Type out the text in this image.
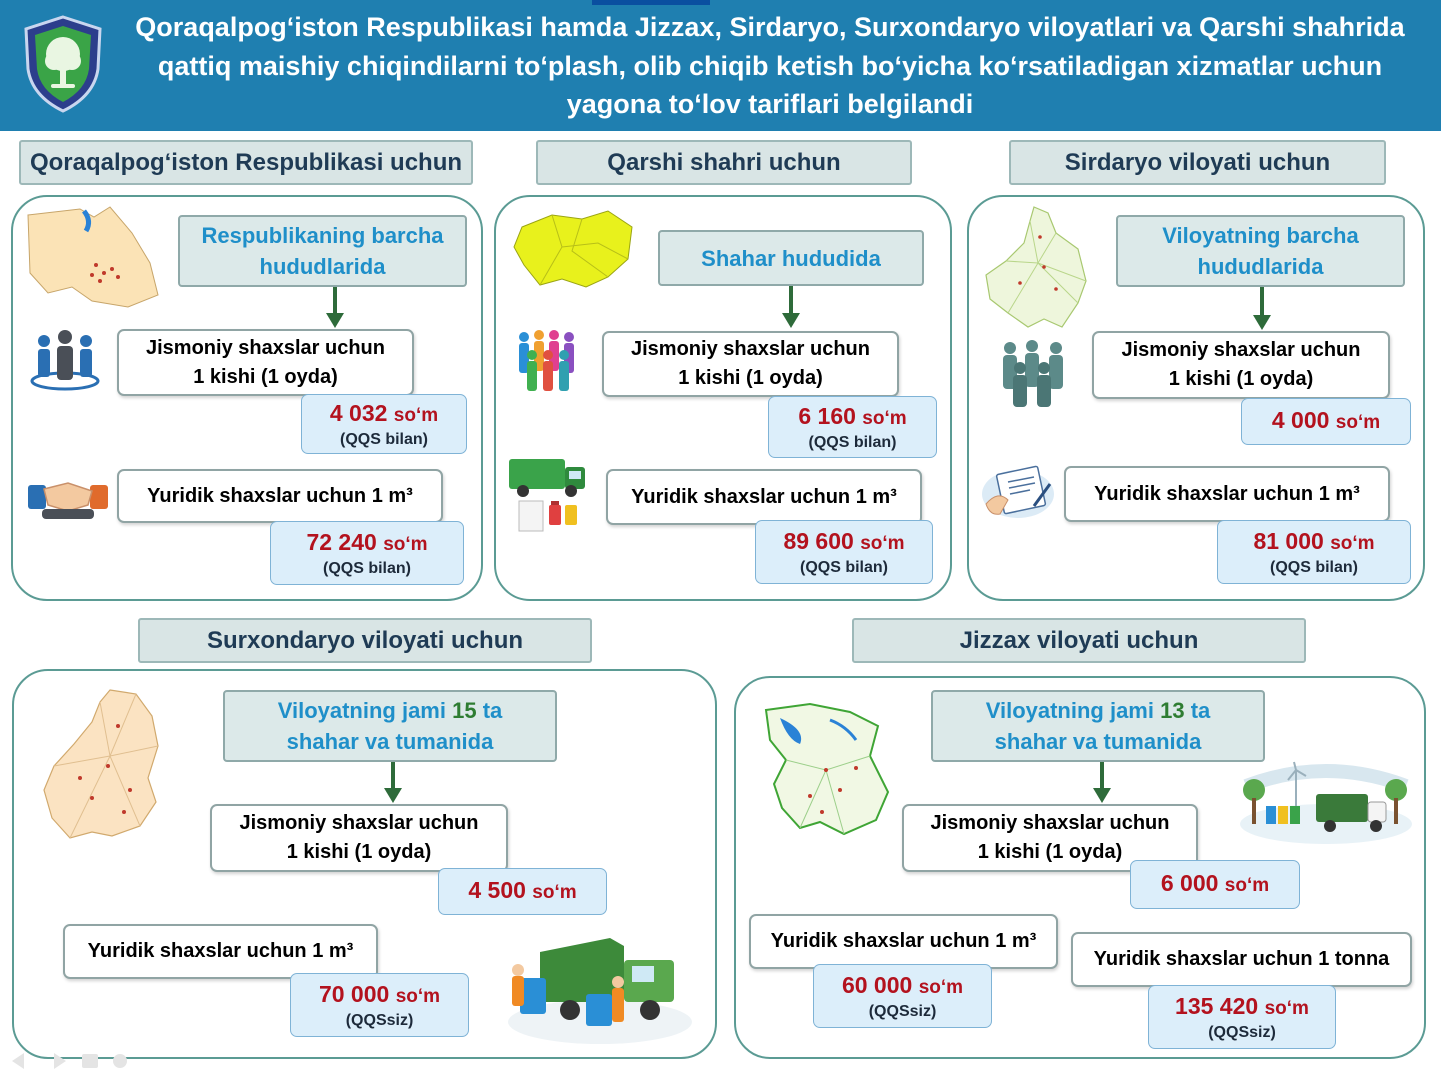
Qoraqalpog‘iston Respublikasi hamda Jizzax, Sirdaryo, Surxondaryo viloyatlari va Qarshi shahrida qattiq maishiy chiqindilarni to‘plash, olib chiqib ketish bo‘yicha ko‘rsatiladigan xizmatlar uchun yagona to‘lov tariflari belgilandi
Qoraqalpog‘iston Respublikasi uchun	Qarshi shahri uchun	Sirdaryo viloyati uchun
Surxondaryo viloyati uchun	Jizzax viloyati uchun
Respublikaning barcha hududlarida
Jismoniy shaxslar uchun
1 kishi (1 oyda)
4 032 so‘m
(QQS bilan)
Yuridik shaxslar uchun 1 m³
72 240 so‘m
(QQS bilan)
Shahar hududida
Jismoniy shaxslar uchun
1 kishi (1 oyda)
6 160 so‘m
(QQS bilan)
Yuridik shaxslar uchun 1 m³
89 600 so‘m
(QQS bilan)
Viloyatning barcha hududlarida
Jismoniy shaxslar uchun
1 kishi (1 oyda)
4 000 so‘m
Yuridik shaxslar uchun 1 m³
81 000 so‘m
(QQS bilan)
Viloyatning jami 15 ta
shahar va tumanida
Jismoniy shaxslar uchun
1 kishi (1 oyda)
4 500 so‘m
Yuridik shaxslar uchun 1 m³
70 000 so‘m
(QQSsiz)
Viloyatning jami 13 ta
shahar va tumanida
Jismoniy shaxslar uchun
1 kishi (1 oyda)
6 000 so‘m
Yuridik shaxslar uchun 1 m³
60 000 so‘m
(QQSsiz)
Yuridik shaxslar uchun 1 tonna
135 420 so‘m
(QQSsiz)
